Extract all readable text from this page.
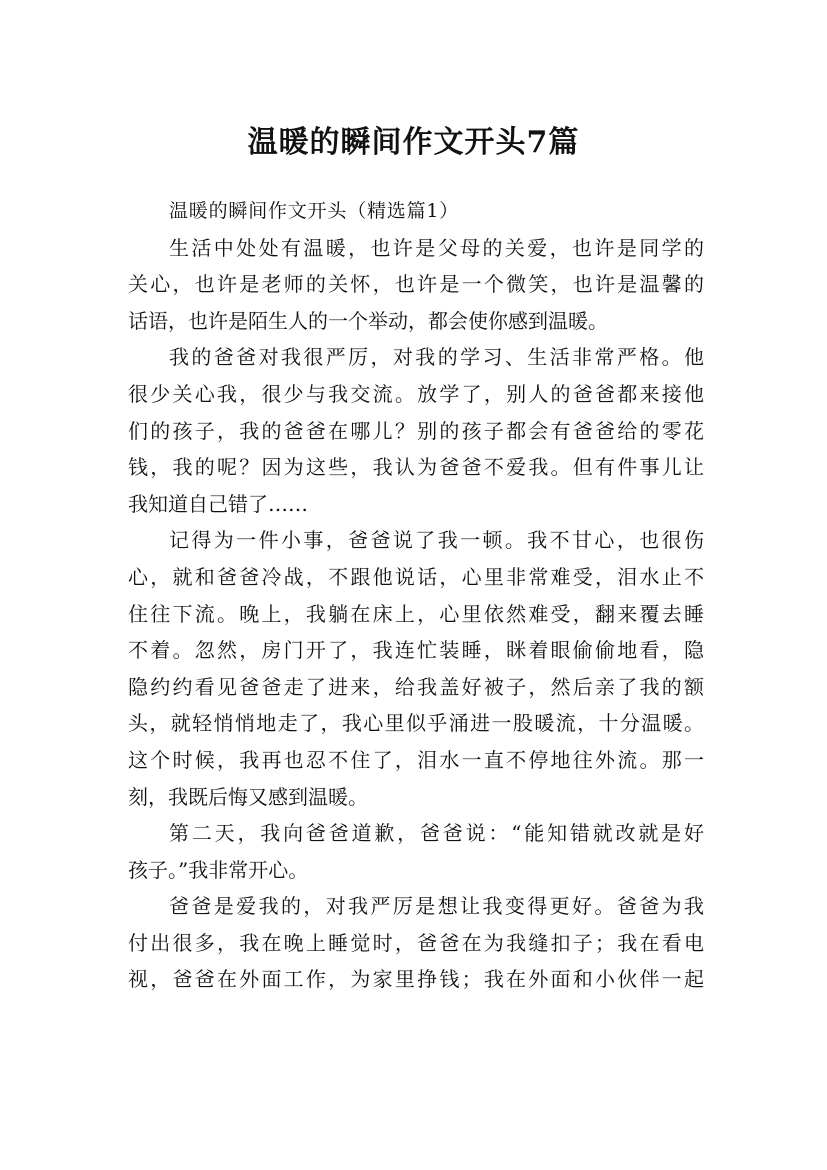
温暖的瞬间作文开头7篇

温暖的瞬间作文开头（精选篇1）

生活中处处有温暖，也许是父母的关爱，也许是同学的
关心，也许是老师的关怀，也许是一个微笑，也许是温馨的
话语，也许是陌生人的一个举动，都会使你感到温暖。

我的爸爸对我很严厉，对我的学习、生活非常严格。他
很少关心我，很少与我交流。放学了，别人的爸爸都来接他
们的孩子，我的爸爸在哪儿？别的孩子都会有爸爸给的零花
钱，我的呢？因为这些，我认为爸爸不爱我。但有件事儿让
我知道自己错了……

记得为一件小事，爸爸说了我一顿。我不甘心，也很伤
心，就和爸爸冷战，不跟他说话，心里非常难受，泪水止不
住往下流。晚上，我躺在床上，心里依然难受，翻来覆去睡
不着。忽然，房门开了，我连忙装睡，眯着眼偷偷地看，隐
隐约约看见爸爸走了进来，给我盖好被子，然后亲了我的额
头，就轻悄悄地走了，我心里似乎涌进一股暖流，十分温暖。
这个时候，我再也忍不住了，泪水一直不停地往外流。那一
刻，我既后悔又感到温暖。

第二天，我向爸爸道歉，爸爸说：“能知错就改就是好
孩子。”我非常开心。

爸爸是爱我的，对我严厉是想让我变得更好。爸爸为我
付出很多，我在晚上睡觉时，爸爸在为我缝扣子；我在看电
视，爸爸在外面工作，为家里挣钱；我在外面和小伙伴一起
